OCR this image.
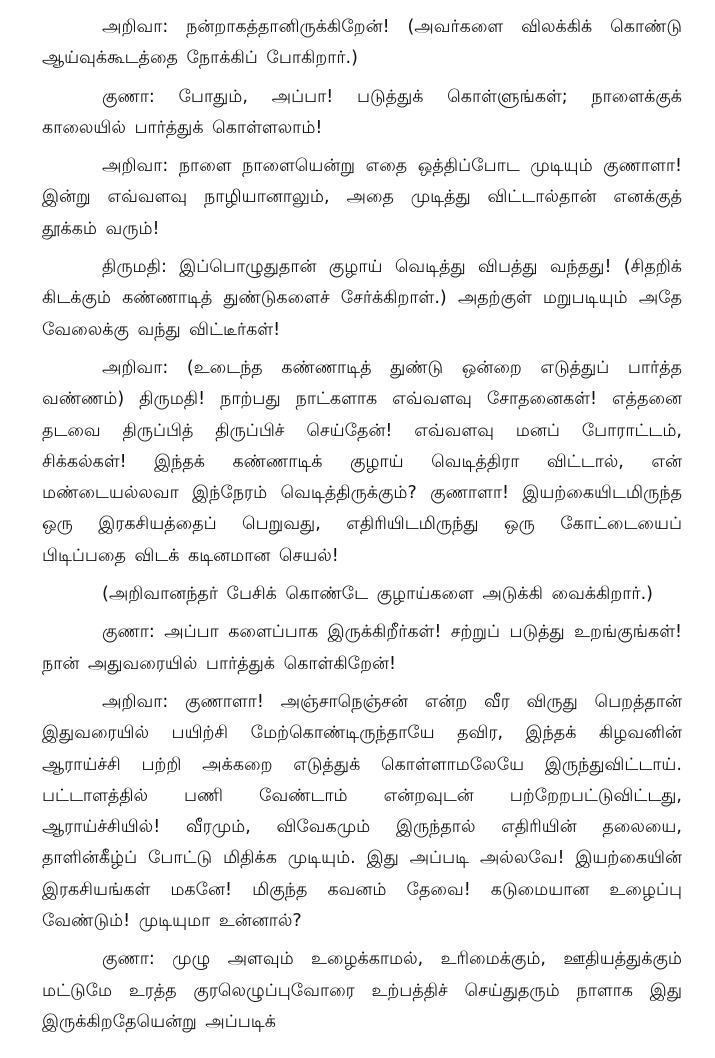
அறிவா: நன்றாகத்தானிருக்கிறேன்! (அவர்களை விலக்கிக் கொண்டு ஆய்வுக்கூடத்தை நோக்கிப் போகிறார்.)

குணா: போதும், அப்பா! படுத்துக் கொள்ளுங்கள்; நாளைக்குக் காலையில் பார்த்துக் கொள்ளலாம்!

அறிவா: நாளை நாளையென்று எதை ஒத்திப்போட முடியும் குணாளா! இன்று எவ்வளவு நாழியானாலும், அதை முடித்து விட்டால்தான் எனக்குத் தூக்கம் வரும்!

திருமதி: இப்பொழுதுதான் குழாய் வெடித்து விபத்து வந்தது! (சிதறிக் கிடக்கும் கண்ணாடித் துண்டுகளைச் சேர்க்கிறாள்.) அதற்குள் மறுபடியும் அதே வேலைக்கு வந்து விட்டீர்கள்!

அறிவா: (உடைந்த கண்ணாடித் துண்டு ஒன்றை எடுத்துப் பார்த்த வண்ணம்) திருமதி! நாற்பது நாட்களாக எவ்வளவு சோதனைகள்! எத்தனை தடவை திருப்பித் திருப்பிச் செய்தேன்! எவ்வளவு மனப் போராட்டம், சிக்கல்கள்! இந்தக் கண்ணாடிக் குழாய் வெடித்திரா விட்டால், என் மண்டையல்லவா இந்நேரம் வெடித்திருக்கும்? குணாளா! இயற்கையிடமிருந்த ஒரு இரகசியத்தைப் பெறுவது, எதிரியிடமிருந்து ஒரு கோட்டையைப் பிடிப்பதை விடக் கடினமான செயல்!

(அறிவானந்தர் பேசிக் கொண்டே குழாய்களை அடுக்கி வைக்கிறார்.)

குணா: அப்பா களைப்பாக இருக்கிறீர்கள்! சற்றுப் படுத்து உறங்குங்கள்! நான் அதுவரையில் பார்த்துக் கொள்கிறேன்!

அறிவா: குணாளா! அஞ்சாநெஞ்சன் என்ற வீர விருது பெறத்தான் இதுவரையில் பயிற்சி மேற்கொண்டிருந்தாயே தவிர, இந்தக் கிழவனின் ஆராய்ச்சி பற்றி அக்கறை எடுத்துக் கொள்ளாமலேயே இருந்துவிட்டாய். பட்டாளத்தில் பணி வேண்டாம் என்றவுடன் பற்றேறபட்டுவிட்டது, ஆராய்ச்சியில்! வீரமும், விவேகமும் இருந்தால் எதிரியின் தலையை, தாளின்கீழ்ப் போட்டு மிதிக்க முடியும். இது அப்படி அல்லவே! இயற்கையின் இரகசியங்கள் மகனே! மிகுந்த கவனம் தேவை! கடுமையான உழைப்பு வேண்டும்! முடியுமா உன்னால்?

குணா: முழு அளவும் உழைக்காமல், உரிமைக்கும், ஊதியத்துக்கும் மட்டுமே உரத்த குரலெழுப்புவோரை உற்பத்திச் செய்துதரும் நாளாக இது இருக்கிறதேயென்று அப்படிக்
